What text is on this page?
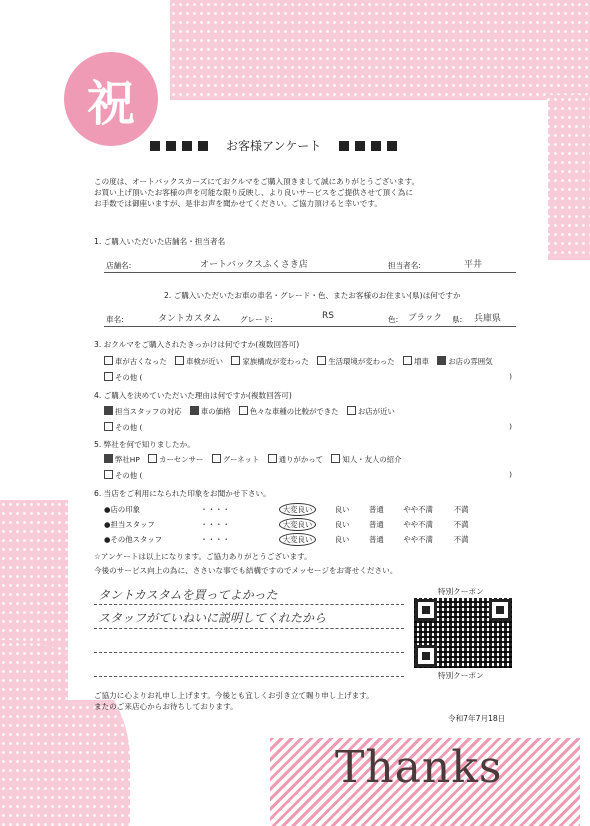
祝
お客様アンケート
この度は、オートバックスカーズにておクルマをご購入頂きまして誠にありがとうございます。
お買い上げ頂いたお客様の声を可能な限り反映し、より良いサービスをご提供させて頂く為に
お手数では御座いますが、是非お声を聞かせてください。ご協力頂けると幸いです。
1. ご購入いただいた店舗名・担当者名
店舗名:	オートバックスふくさき店	担当者名:	平井
2. ご購入いただいたお車の車名・グレード・色、またお客様のお住まい(県)は何ですか
車名:	タントカスタム	グレード:	RS	色: ブラック 県: 兵庫県
3. おクルマをご購入されたきっかけは何ですか(複数回答可)
車が古くなった	車検が近い	家族構成が変わった	生活環境が変わった	増車	お店の雰囲気
その他 (	)
4. ご購入を決めていただいた理由は何ですか(複数回答可)
担当スタッフの対応	車の価格	色々な車種の比較ができた	お店が近い
その他 (	)
5. 弊社を何で知りましたか。
弊社HP	カーセンサー	グーネット	通りがかって	知人・友人の紹介
その他 (	)
6. 当店をご利用になられた印象をお聞かせ下さい。
●店の印象	・・・・	大変良い	良い	普通	やや不満	不満
●担当スタッフ	・・・・	大変良い	良い	普通	やや不満	不満
●その他スタッフ	・・・・	大変良い	良い	普通	やや不満	不満
☆アンケートは以上になります。ご協力ありがとうございます。
今後のサービス向上の為に、ささいな事でも結構ですのでメッセージをお寄せください。
タントカスタムを買ってよかった
スタッフがていねいに説明してくれたから
特別クーポン
特別クーポン
ご協力に心よりお礼申し上げます。今後とも宜しくお引き立て賜り申し上げます。
またのご来店心からお待ちしております。
令和7年7月18日
Thanks
